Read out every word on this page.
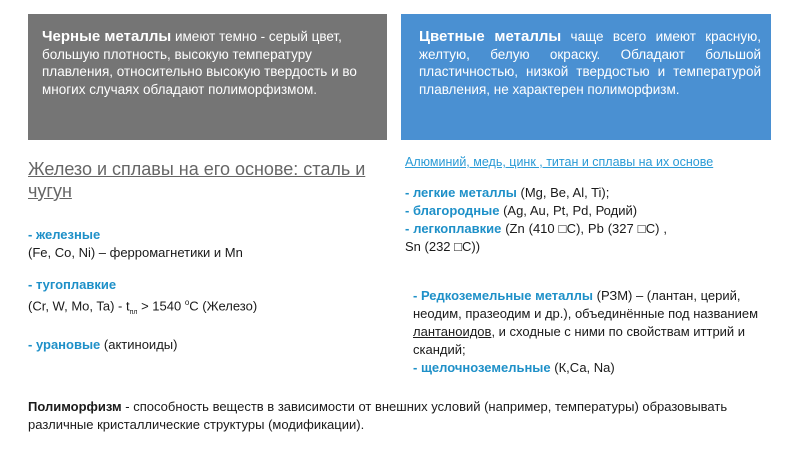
Черные металлы имеют темно - серый цвет, большую плотность, высокую температуру плавления, относительно высокую твердость и во многих случаях обладают полиморфизмом.
Цветные металлы чаще всего имеют красную, желтую, белую окраску. Обладают большой пластичностью, низкой твердостью и температурой плавления, не характерен полиморфизм.
Железо и сплавы на его основе: сталь и чугун
- железные
(Fe, Co, Ni) – ферромагнетики и Mn
- тугоплавкие
(Cr, W, Mo, $Ta) - t_{пл} > 1540$ $^o$C (Железо)
- урановые (актиноиды)
Алюминий, медь, цинк , титан и сплавы на их основе
- легкие металлы (Mg, Be, Al, Ti);
- благородные (Ag, Au, Pt, Pd, Родий)
- легкоплавкие (Zn (410 □C), Pb (327 □C) , Sn (232 □C))
- Редкоземельные металлы (РЗМ) – (лантан, церий, неодим, празеодим и др.), объединённые под названием лантаноидов, и сходные с ними по свойствам иттрий и скандий;
- щелочноземельные (К,Са, Na)
Полиморфизм - способность веществ в зависимости от внешних условий (например, температуры) образовывать различные кристаллические структуры (модификации).
